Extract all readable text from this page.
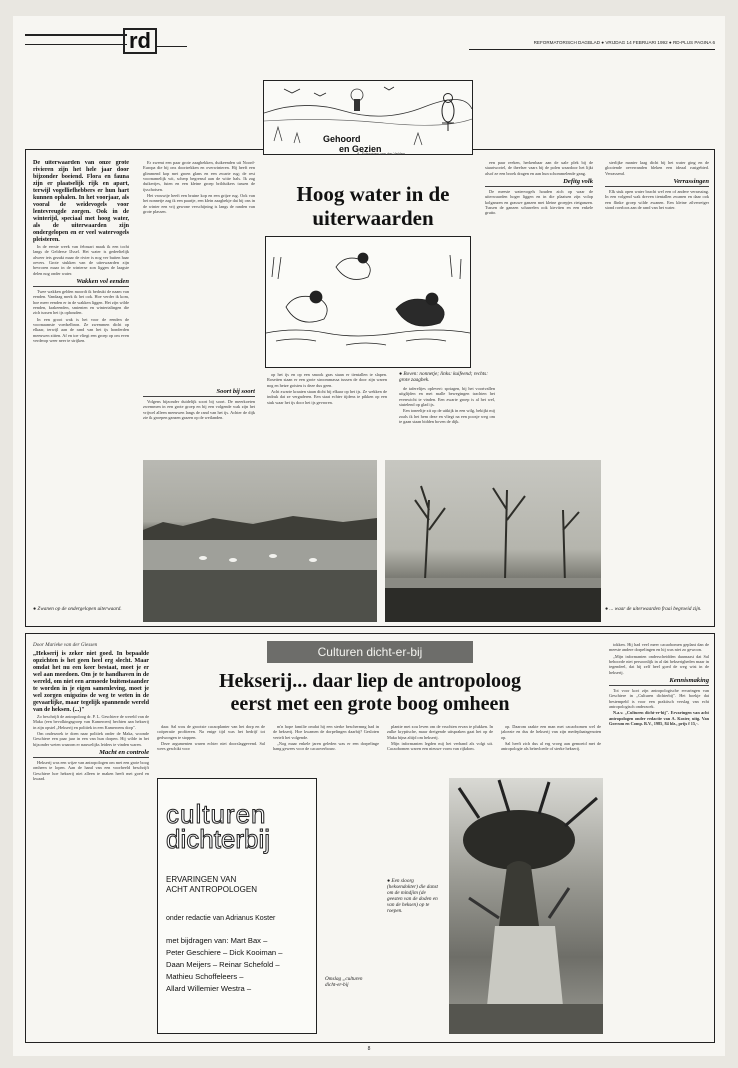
rd	REFORMATORISCH DAGBLAD ● VRIJDAG 14 FEBRUARI 1992 ● RD-PLUS PAGINA 6
Gehoord
en Gezien
A. Schoonen van der Velden
Hoog water in de
uiterwaarden
● Boven: nonnetje; links: kuifeend; rechts: grote zaagbek.
De uiterwaarden van onze grote rivieren zijn het hele jaar door bijzonder boeiend. Flora en fauna zijn er plaatselijk rijk en apart, terwijl vogelliefhebbers er hun hart kunnen ophalen. In het voorjaar, als vooral de weidevogels voor lentevreugde zorgen. Ook in de winterijd, speciaal met hoog water, als de uiterwaarden zijn ondergelopen en er veel watervogels pleisteren.
In de eerste week van februari maak ik een tocht langs de Gelderse IJssel. Het water is gedeeltelijk alweer iets gezakt maar de rivier is nog ver buiten haar oevers. Grote stukken van de uiterwaarden zijn bevroren maar in de winterse zon liggen de laagste delen nog onder water.
Wakken vol eenden
Twee wakken gelden moordt ik bedrukt de naam van eenden. Vandaag merk ik het ook. Hoe verder ik kom, hoe meer eenden er in de wakken liggen. Het zijn wilde eenden, krakeenden, smienten en wintertalingen die zich tussen het ijs ophouden.
In een groot wak is het voor de eenden de voornaamste voedselbron. Ze zwemmen dicht op elkaar, terwijl aan de rand van het ijs honderden meeuwen zitten. Af en toe vliegt een groep op om even verderop weer neer te strijken.
● Zwanen op de ondergelopen uiterwaard.
Er zwemt een paar grote zaagbekken, duikeenden uit Noord-Europa die bij ons doortrekken en overwinteren. Hij heeft een glimmend kop met groen glans en een zwarte rug; de rest voornamelijk wit, scherp begrensd aan de witte hals. Ik zag duikertjes, futen en een kleine groep brilduikers tussen de ijsschotsen.
Het vrouwtje heeft een bruine kop en een grijze rug. Ook van het nonnetje zag ik een paartje, een klein zaagbekje dat bij ons in de winter een vrij gewone verschijning is langs de randen van grote plassen.
Soort bij soort
Volgens bijzonder duidelijk soort bij soort. De meerkoeten zwemmen in een grote groep en bij een volgende wak zijn het vrijwel alleen meeuwen langs de rand van het ijs. Achter de dijk zie ik groepen ganzen grazen op de weilanden.
op het ijs en op een smook gras staan er tientallen te slapen. Rosetten staan er een grote stroommassa tussen de door zijn waren nog en hetze goisteu is deze dus geen.
Acht zwarte kraaien staan dicht bij elkaar op het ijs. Ze wekken de indruk dat ze vergaderen. Een staat echter tijdens te pikken op een stuk waar het ijs door het ijs gevroren.
de taferelijes oplevert: spriagen, bij het voortvallen uitglijden en met malle bewegingen trachten het evenwicht te vinden. Een zwarte groep is al het wel, stutelend op glad ijs.
Een toneeltje zit op de uitkijk in een wilg, bekijkt mij zoals ik het hem deze en vliegt na een poosje weg om te gaan staan bidden boven de dijk.
een paar reeken, herkenbaar aan de uale plek bij de staartwortel, de theelser vaars bij de polen waardoor het lijkt alsof ze een broek dragen en aan hun schommelende gang.
Defitg volk
De meeste watervogels houden zich op waar de uiterwaarden hoger liggen en in die plaatsen zijn volop kolganzen en grauwe ganzen met kleine groepjes rietganzen. Tussen de ganzen scharrelen ook kieviten en een enkele grutto.
sterlijke manier laag dicht bij het water ging en de glooiende oeverranden bleken een ideaal rustgebied. Verrassend.
Verrassingen
Elk stuk open water bracht wel een of andere verrassing. In een volgend wak dreven tientallen zwanen en daar ook een flinke groep wilde zwanen. Een kleine zilverreiger stond roerloos aan de rand van het water.
● ... waar de uiterwaarden fraai begroeid zijn.
Culturen dicht-er-bij
Hekserij... daar liep de antropoloog
eerst met een grote boog omheen
Door Marieke van der Giessen
„Hekserij is zeker niet goed. In bepaalde opzichten is het geen heel erg slecht. Maar omdat het nu een keer bestaat, moet je er wel aan meedoen. Om je te handhaven in de wereld, om niet een armoede buitenstaander te worden in je eigen samenleving, moet je wel zorgen enigszins de weg te weten in de gevaarlijke, maar tegelijk spannende wereld van de heksen. (...)"
Zo beschrijft de antropoloog dr. P. L. Geschiere de wereld van de Maka (een bevolkingsgroep van Kameroen) hechten aan hekserij in zijn opstel „Hekserij en politiek in een Kameroens dorp".
Om onderzoek te doen naar politiek onder de Maka, woonde Geschiere een paar jaar in een van hun dorpen. Hij wilde in het bijzonder weten waarom er nauwelijks leiders te vinden waren.
Macht en controle
Hekserij was een wijze van antropologen om met een grote boog omheen te lopen. Aan de hand van een voorbeeld beschrijft Geschiere hoe hekserij niet alleen te maken heeft met goed en kwaad.
daar. Sal wou de grootste cacaoplanter van het dorp en de coöperatie profiteren. Na enige tijd was het bedrijf tot gedwongen te stoppen.
Deze argumenten waren echter niet doorslaggevend. Sal wees geschikt voor
m'n hope familie omdat hij een sterke beschermng had in de hekserij. Hoe kwamen de dorpelingen daarbij? Gesloten vertelt het volgende.
„Nog maar enkele jaren geleden was er een dorpelinge hang gewees voor de cacaoverbouw.
plantte met zou leven om de vruchten ervan te plukken. In zulke kryptische, maar dreigende uitspraken gaat het op de Maka bijna altijd om hekserij.
Mijn informanten legden mij het verband als volgt uit. Cacaobomen waren een nieuwe vorm van rijkdom.
op. Daarom raakte een man met cacaobomen wel de jaloezie en dus de hekserij van zijn medeplaatsgenoten op.
Sal heeft zich dus al erg vroeg aan gemoeid met de antropologie als beïnvloede of sterke hekserij.
tokken. Hij had veel meer cacaobomen geplant dan de meeste andere dorpelingen en hij was niet zo gewoon.
„Mijn informanten onderscheidden daarnaast dat Sal behoorde niet persoonlijk in al dat hekserigheden maar in tegendeel, dat hij zelf heel goed de weg wist in de hekserij.
Kennismaking
Tot voor kort zijn antropologische ervaringen van Geschiere in „Culturen dichterbij". Het boekje dat bestempeld is voor een praktisch verslag van echt antropologisch onderzoek.
N.a.v. „Culturen dicht-er-bij". Ervaringen van acht antropologen onder redactie van A. Koster, uitg. Van Gorcum en Comp. B.V., 1985, 84 blz., prijs f 15,-.
culturen
dichterbij
ERVARINGEN VAN
ACHT ANTROPOLOGEN
onder redactie van Adrianus Koster
met bijdragen van: Mart Bax –
Peter Geschiere – Dick Kooiman –
Daan Meijers – Reinar Schefold –
Mathieu Schoffeleers –
Allard Willemier Westra –
Omslag „culturen dicht-er-bij
● Een sloorg (heksendokter) die danst om de mindjim (de geesten van de doden en van de heksen) op te roepen.
8
